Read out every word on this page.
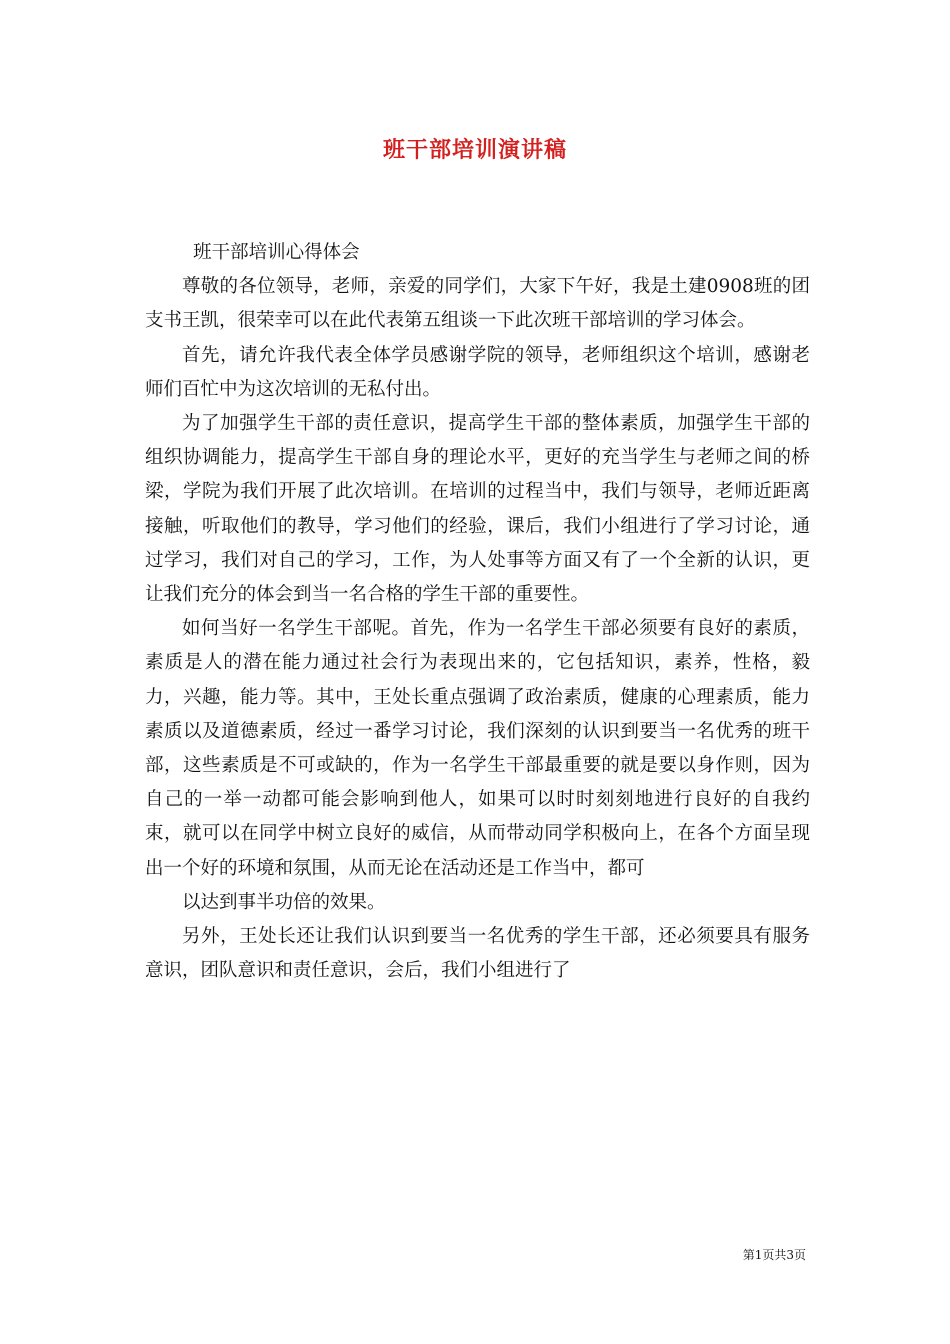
班干部培训演讲稿

班干部培训心得体会

尊敬的各位领导，老师，亲爱的同学们，大家下午好，我是土建0908班的团支书王凯，很荣幸可以在此代表第五组谈一下此次班干部培训的学习体会。

首先，请允许我代表全体学员感谢学院的领导，老师组织这个培训，感谢老师们百忙中为这次培训的无私付出。

为了加强学生干部的责任意识，提高学生干部的整体素质，加强学生干部的组织协调能力，提高学生干部自身的理论水平，更好的充当学生与老师之间的桥梁，学院为我们开展了此次培训。在培训的过程当中，我们与领导，老师近距离接触，听取他们的教导，学习他们的经验，课后，我们小组进行了学习讨论，通过学习，我们对自己的学习，工作，为人处事等方面又有了一个全新的认识，更让我们充分的体会到当一名合格的学生干部的重要性。

如何当好一名学生干部呢。首先，作为一名学生干部必须要有良好的素质，素质是人的潜在能力通过社会行为表现出来的，它包括知识，素养，性格，毅力，兴趣，能力等。其中，王处长重点强调了政治素质，健康的心理素质，能力素质以及道德素质，经过一番学习讨论，我们深刻的认识到要当一名优秀的班干部，这些素质是不可或缺的，作为一名学生干部最重要的就是要以身作则，因为自己的一举一动都可能会影响到他人，如果可以时时刻刻地进行良好的自我约束，就可以在同学中树立良好的威信，从而带动同学积极向上，在各个方面呈现出一个好的环境和氛围，从而无论在活动还是工作当中，都可

以达到事半功倍的效果。

另外，王处长还让我们认识到要当一名优秀的学生干部，还必须要具有服务意识，团队意识和责任意识，会后，我们小组进行了

第1页共3页
